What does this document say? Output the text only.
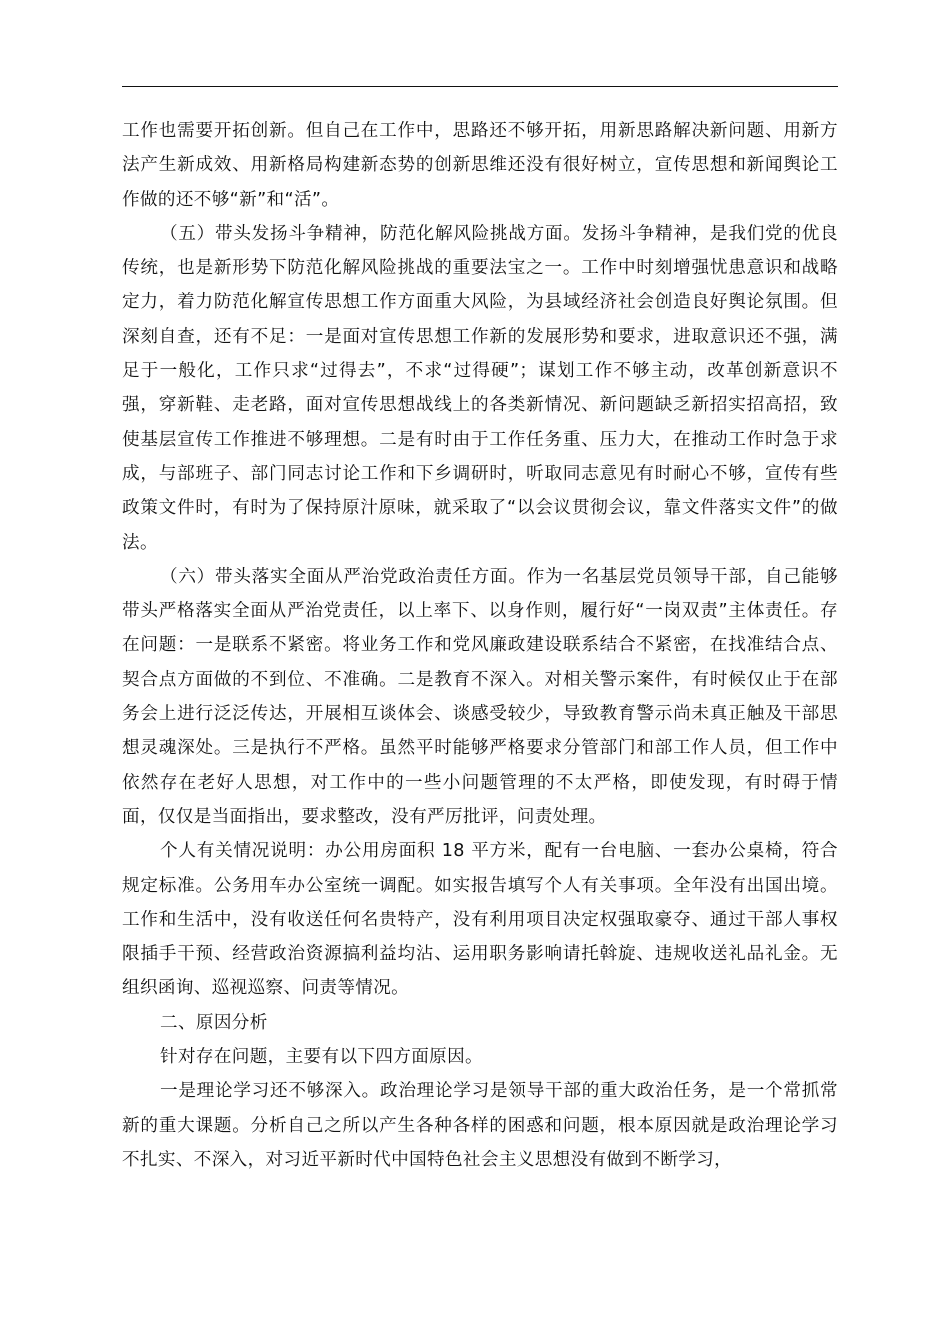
工作也需要开拓创新。但自己在工作中，思路还不够开拓，用新思路解决新问题、用新方法产生新成效、用新格局构建新态势的创新思维还没有很好树立，宣传思想和新闻舆论工作做的还不够“新”和“活”。

（五）带头发扬斗争精神，防范化解风险挑战方面。发扬斗争精神，是我们党的优良传统，也是新形势下防范化解风险挑战的重要法宝之一。工作中时刻增强忧患意识和战略定力，着力防范化解宣传思想工作方面重大风险，为县域经济社会创造良好舆论氛围。但深刻自查，还有不足：一是面对宣传思想工作新的发展形势和要求，进取意识还不强，满足于一般化，工作只求“过得去”，不求“过得硬”；谋划工作不够主动，改革创新意识不强，穿新鞋、走老路，面对宣传思想战线上的各类新情况、新问题缺乏新招实招高招，致使基层宣传工作推进不够理想。二是有时由于工作任务重、压力大，在推动工作时急于求成，与部班子、部门同志讨论工作和下乡调研时，听取同志意见有时耐心不够，宣传有些政策文件时，有时为了保持原汁原味，就采取了“以会议贯彻会议，靠文件落实文件”的做法。

（六）带头落实全面从严治党政治责任方面。作为一名基层党员领导干部，自己能够带头严格落实全面从严治党责任，以上率下、以身作则，履行好“一岗双责”主体责任。存在问题：一是联系不紧密。将业务工作和党风廉政建设联系结合不紧密，在找准结合点、契合点方面做的不到位、不准确。二是教育不深入。对相关警示案件，有时候仅止于在部务会上进行泛泛传达，开展相互谈体会、谈感受较少，导致教育警示尚未真正触及干部思想灵魂深处。三是执行不严格。虽然平时能够严格要求分管部门和部工作人员，但工作中依然存在老好人思想，对工作中的一些小问题管理的不太严格，即使发现，有时碍于情面，仅仅是当面指出，要求整改，没有严厉批评，问责处理。

个人有关情况说明：办公用房面积 18 平方米，配有一台电脑、一套办公桌椅，符合规定标准。公务用车办公室统一调配。如实报告填写个人有关事项。全年没有出国出境。工作和生活中，没有收送任何名贵特产，没有利用项目决定权强取豪夺、通过干部人事权限插手干预、经营政治资源搞利益均沾、运用职务影响请托斡旋、违规收送礼品礼金。无组织函询、巡视巡察、问责等情况。

二、原因分析

针对存在问题，主要有以下四方面原因。

一是理论学习还不够深入。政治理论学习是领导干部的重大政治任务，是一个常抓常新的重大课题。分析自己之所以产生各种各样的困惑和问题，根本原因就是政治理论学习不扎实、不深入，对习近平新时代中国特色社会主义思想没有做到不断学习，
